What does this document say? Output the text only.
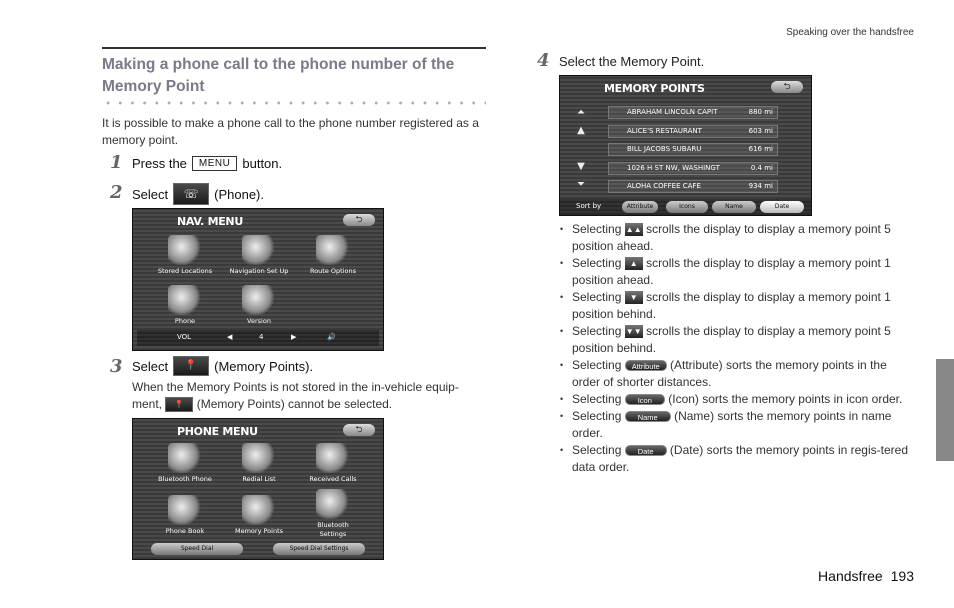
Speaking over the handsfree
Making a phone call to the phone number of the Memory Point
It is possible to make a phone call to the phone number registered as a memory point.
1 Press the	MENU button.
2 Select	☏	(Phone).
NAV. MENU	⮌
Stored Locations	Navigation Set Up	Route Options
Phone	Version
VOL	◀	4	▶	🔊
3 Select	📍	(Memory Points).
When the Memory Points is not stored in the in-vehicle equip-ment, 📍 (Memory Points) cannot be selected.
PHONE MENU	⮌
Bluetooth Phone	Redial List	Received Calls
Phone Book	Memory Points
Bluetooth Settings
Speed Dial	Speed Dial Settings
4 Select the Memory Point.
MEMORY POINTS	⮌
⏶
▲
▼
⏷
ABRAHAM LINCOLN CAPIT	880 mi
ALICE'S RESTAURANT	603 mi
BILL JACOBS SUBARU	616 mi
1026 H ST NW, WASHINGT	0.4 mi
ALOHA COFFEE CAFE	934 mi
Sort by	Attribute	Icons	Name	Date
• Selecting ▲▲ scrolls the display to display a memory point 5 position ahead.
• Selecting ▲ scrolls the display to display a memory point 1 position ahead.
• Selecting ▼ scrolls the display to display a memory point 1 position behind.
• Selecting ▼▼ scrolls the display to display a memory point 5 position behind.
• Selecting Attribute (Attribute) sorts the memory points in the order of shorter distances.
• Selecting Icon (Icon) sorts the memory points in icon order.
• Selecting Name (Name) sorts the memory points in name order.
• Selecting Date (Date) sorts the memory points in regis-tered data order.
Handsfree 193
